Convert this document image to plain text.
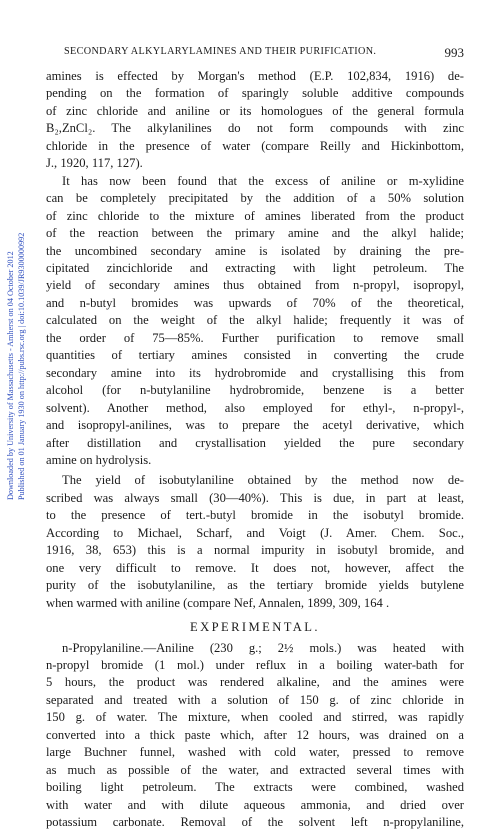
SECONDARY ALKYLARYLAMINES AND THEIR PURIFICATION.	993
Downloaded by University of Massachusetts - Amherst on 04 October 2012 Published on 01 January 1930 on http://pubs.rsc.org | doi:10.1039/JR9300000992
amines is effected by Morgan's method (E.P. 102,834, 1916) de-
pending on the formation of sparingly soluble additive compounds
of zinc chloride and aniline or its homologues of the general formula
B₂,ZnCl₂. The alkylanilines do not form compounds with zinc
chloride in the presence of water (compare Reilly and Hickinbottom,
J., 1920, 117, 127).
It has now been found that the excess of aniline or m-xylidine
can be completely precipitated by the addition of a 50% solution
of zinc chloride to the mixture of amines liberated from the product
of the reaction between the primary amine and the alkyl halide;
the uncombined secondary amine is isolated by draining the pre-
cipitated zincichloride and extracting with light petroleum. The
yield of secondary amines thus obtained from n-propyl, isopropyl,
and n-butyl bromides was upwards of 70% of the theoretical,
calculated on the weight of the alkyl halide; frequently it was of
the order of 75—85%. Further purification to remove small
quantities of tertiary amines consisted in converting the crude
secondary amine into its hydrobromide and crystallising this from
alcohol (for n-butylaniline hydrobromide, benzene is a better
solvent). Another method, also employed for ethyl-, n-propyl-,
and isopropyl-anilines, was to prepare the acetyl derivative, which
after distillation and crystallisation yielded the pure secondary
amine on hydrolysis.
The yield of isobutylaniline obtained by the method now de-
scribed was always small (30—40%). This is due, in part at least,
to the presence of tert.-butyl bromide in the isobutyl bromide.
According to Michael, Scharf, and Voigt (J. Amer. Chem. Soc.,
1916, 38, 653) this is a normal impurity in isobutyl bromide, and
one very difficult to remove. It does not, however, affect the
purity of the isobutylaniline, as the tertiary bromide yields butylene
when warmed with aniline (compare Nef, Annalen, 1899, 309, 164 .
EXPERIMENTAL.
n-Propylaniline.—Aniline (230 g.; 2½ mols.) was heated with
n-propyl bromide (1 mol.) under reflux in a boiling water-bath for
5 hours, the product was rendered alkaline, and the amines were
separated and treated with a solution of 150 g. of zinc chloride in
150 g. of water. The mixture, when cooled and stirred, was rapidly
converted into a thick paste which, after 12 hours, was drained on a
large Buchner funnel, washed with cold water, pressed to remove
as much as possible of the water, and extracted several times with
boiling light petroleum. The extracts were combined, washed
with water and with dilute aqueous ammonia, and dried over
potassium carbonate. Removal of the solvent left n-propylaniline,
